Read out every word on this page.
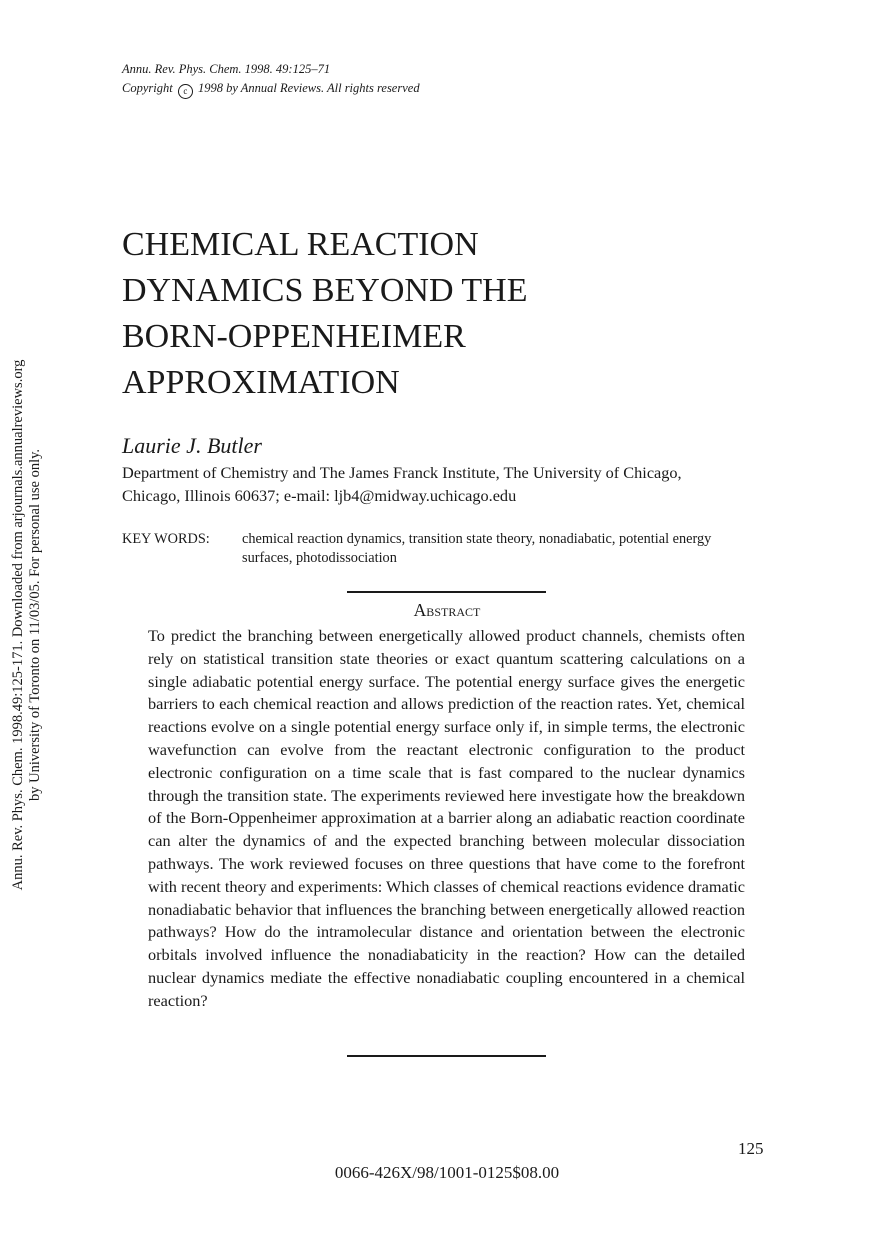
Annu. Rev. Phys. Chem. 1998.49:125-171. Downloaded from arjournals.annualreviews.org by University of Toronto on 11/03/05. For personal use only.
Annu. Rev. Phys. Chem. 1998. 49:125–71
Copyright c 1998 by Annual Reviews. All rights reserved
CHEMICAL REACTION
DYNAMICS BEYOND THE
BORN-OPPENHEIMER
APPROXIMATION
Laurie J. Butler
Department of Chemistry and The James Franck Institute, The University of Chicago,
Chicago, Illinois 60637; e-mail: ljb4@midway.uchicago.edu
KEY WORDS:	chemical reaction dynamics, transition state theory, nonadiabatic, potential energy surfaces, photodissociation
Abstract
To predict the branching between energetically allowed product channels, chemists often rely on statistical transition state theories or exact quantum scattering calculations on a single adiabatic potential energy surface. The potential energy surface gives the energetic barriers to each chemical reaction and allows prediction of the reaction rates. Yet, chemical reactions evolve on a single potential energy surface only if, in simple terms, the electronic wavefunction can evolve from the reactant electronic configuration to the product electronic configuration on a time scale that is fast compared to the nuclear dynamics through the transition state. The experiments reviewed here investigate how the breakdown of the Born-Oppenheimer approximation at a barrier along an adiabatic reaction coordinate can alter the dynamics of and the expected branching between molecular dissociation pathways. The work reviewed focuses on three questions that have come to the forefront with recent theory and experiments: Which classes of chemical reactions evidence dramatic nonadiabatic behavior that influences the branching between energetically allowed reaction pathways? How do the intramolecular distance and orientation between the electronic orbitals involved influence the nonadiabaticity in the reaction? How can the detailed nuclear dynamics mediate the effective nonadiabatic coupling encountered in a chemical reaction?
125
0066-426X/98/1001-0125$08.00
